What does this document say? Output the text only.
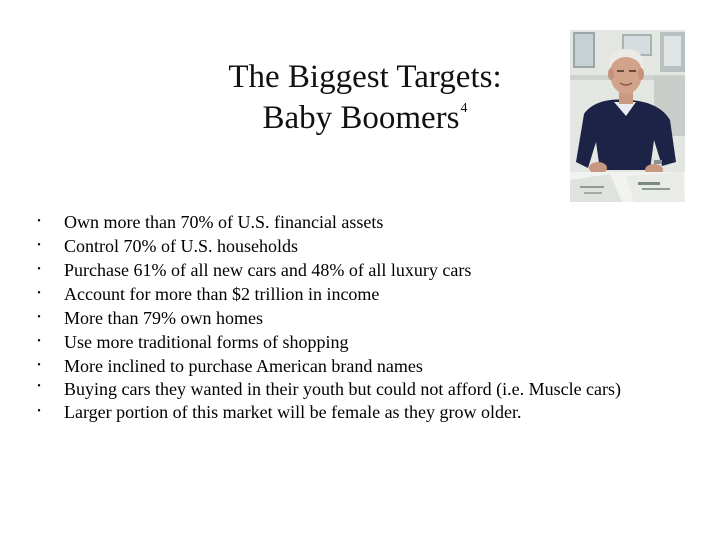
The Biggest Targets:
Baby Boomers$^4$
• Own more than 70% of U.S. financial assets
• Control 70% of U.S. households
• Purchase 61% of all new cars and 48% of all luxury cars
• Account for more than $2 trillion in income
• More than 79% own homes
• Use more traditional forms of shopping
• More inclined to purchase American brand names
• Buying cars they wanted in their youth but could not afford (i.e. Muscle cars)
• Larger portion of this market will be female as they grow older.
